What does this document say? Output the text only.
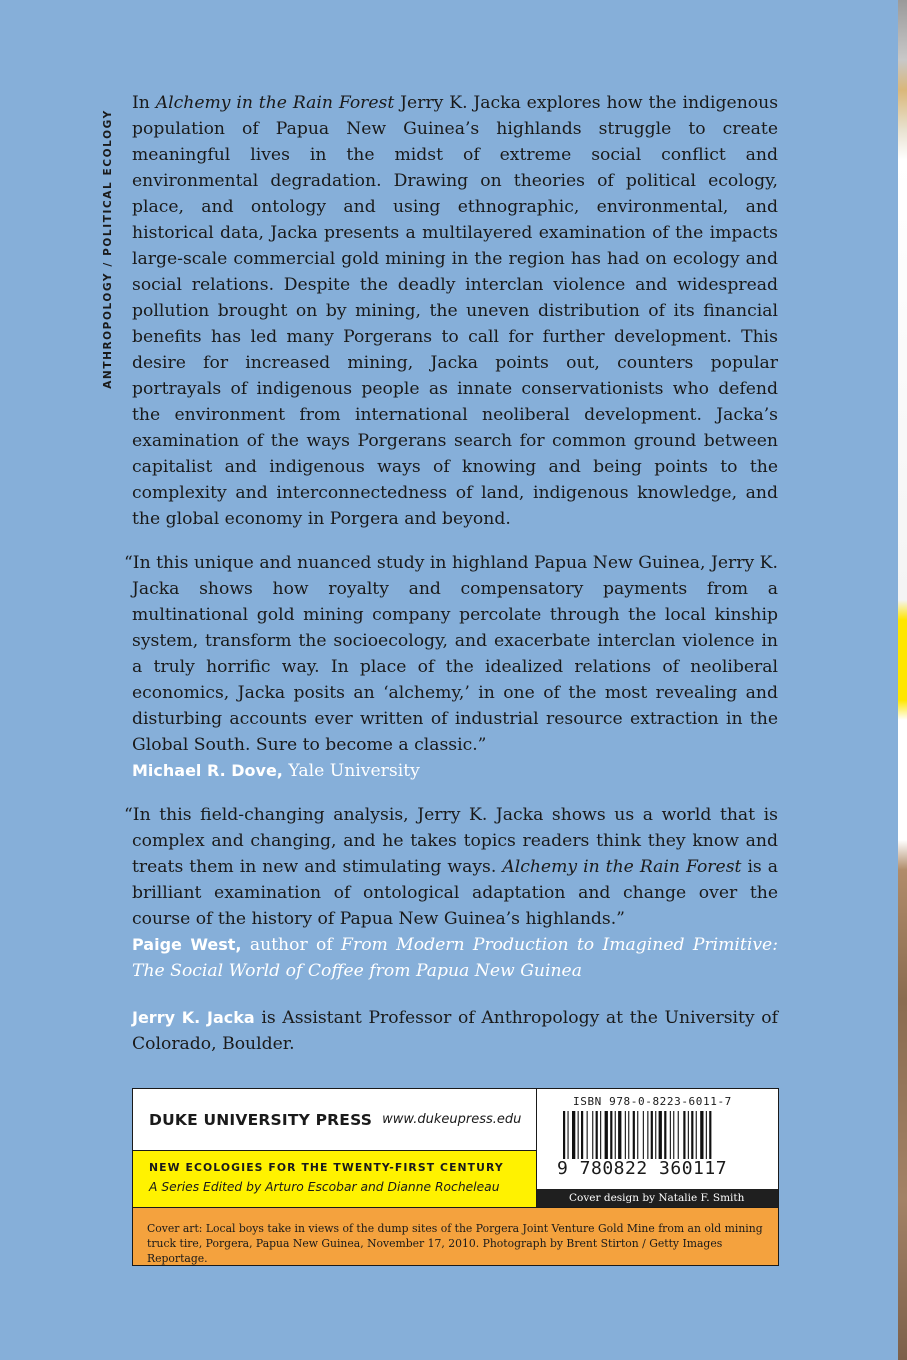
ANTHROPOLOGY / POLITICAL ECOLOGY

In Alchemy in the Rain Forest Jerry K. Jacka explores how the indigenous population of Papua New Guinea’s highlands struggle to create meaningful lives in the midst of extreme social conflict and environmental degradation. Drawing on theories of political ecology, place, and ontology and using ethnographic, environmental, and historical data, Jacka presents a multilayered examination of the impacts large-scale commercial gold mining in the region has had on ecology and social relations. Despite the deadly interclan violence and widespread pollution brought on by mining, the uneven distribution of its financial benefits has led many Porgerans to call for further development. This desire for increased mining, Jacka points out, counters popular portrayals of indigenous people as innate conservationists who defend the environment from international neoliberal development. Jacka’s examination of the ways Porgerans search for common ground between capitalist and indigenous ways of knowing and being points to the complexity and interconnectedness of land, indigenous knowledge, and the global economy in Porgera and beyond.

“In this unique and nuanced study in highland Papua New Guinea, Jerry K. Jacka shows how royalty and compensatory payments from a multinational gold mining company percolate through the local kinship system, transform the socioecology, and exacerbate interclan violence in a truly horrific way. In place of the idealized relations of neoliberal economics, Jacka posits an ‘alchemy,’ in one of the most revealing and disturbing accounts ever written of industrial resource extraction in the Global South. Sure to become a classic.”

Michael R. Dove, Yale University

“In this field-changing analysis, Jerry K. Jacka shows us a world that is complex and changing, and he takes topics readers think they know and treats them in new and stimulating ways. Alchemy in the Rain Forest is a brilliant examination of ontological adaptation and change over the course of the history of Papua New Guinea’s highlands.”

Paige West, author of From Modern Production to Imagined Primitive: The Social World of Coffee from Papua New Guinea

Jerry K. Jacka is Assistant Professor of Anthropology at the University of Colorado, Boulder.

DUKE UNIVERSITY PRESS www.dukeupress.edu
NEW ECOLOGIES FOR THE TWENTY-FIRST CENTURY
A Series Edited by Arturo Escobar and Dianne Rocheleau
ISBN 978-0-8223-6011-7
9 780822 360117
Cover design by Natalie F. Smith
Cover art: Local boys take in views of the dump sites of the Porgera Joint Venture Gold Mine from an old mining truck tire, Porgera, Papua New Guinea, November 17, 2010. Photograph by Brent Stirton / Getty Images Reportage.
